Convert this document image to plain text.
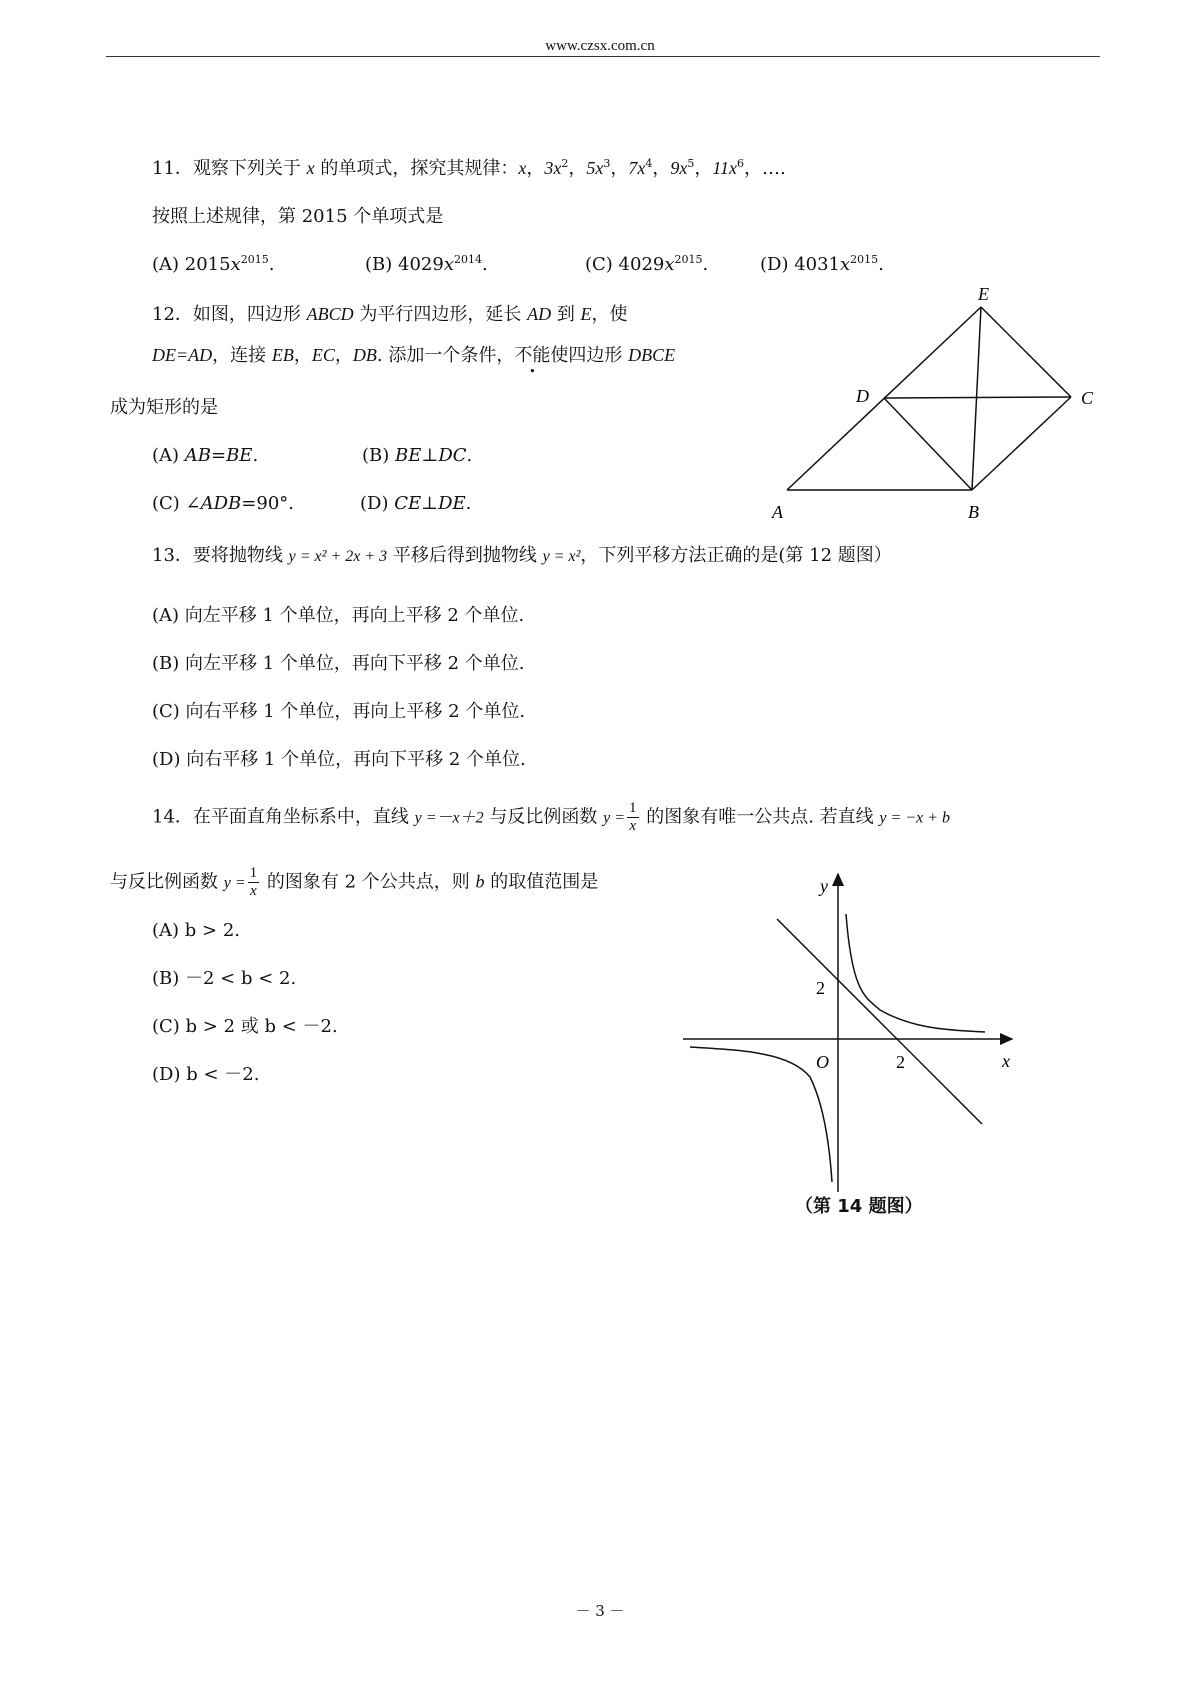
www.czsx.com.cn
11．观察下列关于 x 的单项式，探究其规律：x，$3x^2$，$5x^3$，$7x^4$，$9x^5$，$11x^6$，….
按照上述规律，第 2015 个单项式是
(A) $2015x^{2015}$.	(B) $4029x^{2014}$.	(C) $4029x^{2015}$.	(D) $4031x^{2015}$.
12．如图，四边形 ABCD 为平行四边形，延长 AD 到 E，使
DE=AD，连接 EB，EC，DB. 添加一个条件，不能使四边形 DBCE
成为矩形的是
(A) AB=BE.	(B) BE⊥DC.
(C) ∠ADB=90°.	(D) CE⊥DE.
E
D	C
A	B
13．要将抛物线 y = x² + 2x + 3 平移后得到抛物线 y = x²，下列平移方法正确的是(第 12 题图）
(A) 向左平移 1 个单位，再向上平移 2 个单位.
(B) 向左平移 1 个单位，再向下平移 2 个单位.
(C) 向右平移 1 个单位，再向上平移 2 个单位.
(D) 向右平移 1 个单位，再向下平移 2 个单位.
14．在平面直角坐标系中，直线 y =－x＋2 与反比例函数 $y = \frac{1}{x}$ 的图象有唯一公共点. 若直线 y = −x + b
与反比例函数 $y = \frac{1}{x}$ 的图象有 2 个公共点，则 b 的取值范围是
(A) b > 2.
(B) －2 < b < 2.
(C) b > 2 或 b < －2.
(D) b < －2.
y
x
O
2
2
（第 14 题图）
－ 3 －
